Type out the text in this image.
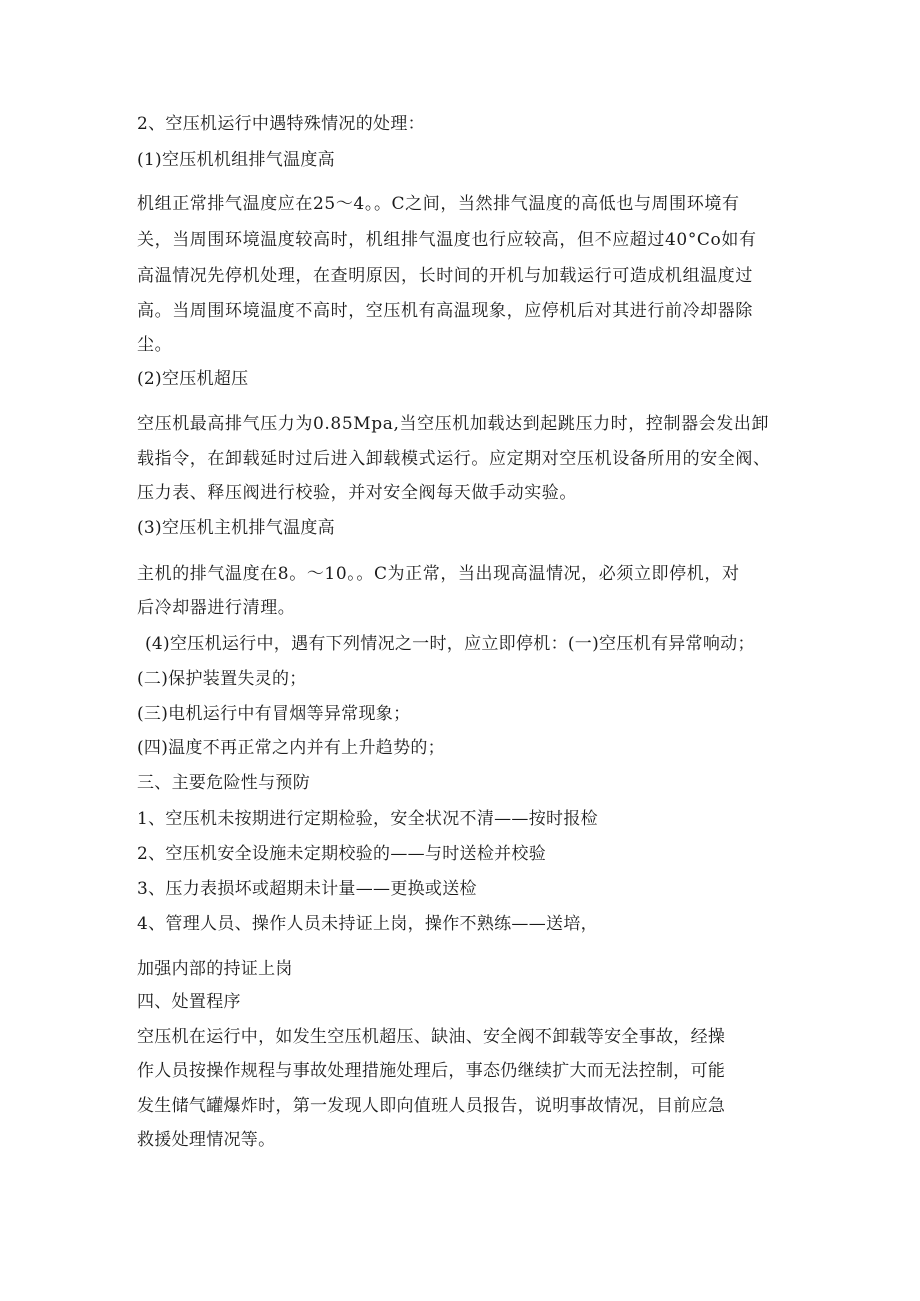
2、空压机运行中遇特殊情况的处理：

(1)空压机机组排气温度高

机组正常排气温度应在25～4。。C之间，当然排气温度的高低也与周围环境有

关，当周围环境温度较高时，机组排气温度也行应较高，但不应超过40°Co如有

高温情况先停机处理，在查明原因，长时间的开机与加载运行可造成机组温度过

高。当周围环境温度不高时，空压机有高温现象，应停机后对其进行前冷却器除

尘。

(2)空压机超压

空压机最高排气压力为0.85Mpa,当空压机加载达到起跳压力时，控制器会发出卸

载指令，在卸载延时过后进入卸载模式运行。应定期对空压机设备所用的安全阀、

压力表、释压阀进行校验，并对安全阀每天做手动实验。

(3)空压机主机排气温度高

主机的排气温度在8。～10。。C为正常，当出现高温情况，必须立即停机，对

后冷却器进行清理。

(4)空压机运行中，遇有下列情况之一时，应立即停机：(一)空压机有异常响动；

(二)保护装置失灵的；

(三)电机运行中有冒烟等异常现象；

(四)温度不再正常之内并有上升趋势的；

三、主要危险性与预防

1、空压机未按期进行定期检验，安全状况不清——按时报检

2、空压机安全设施未定期校验的——与时送检并校验

3、压力表损坏或超期未计量——更换或送检

4、管理人员、操作人员未持证上岗，操作不熟练——送培，

加强内部的持证上岗

四、处置程序

空压机在运行中，如发生空压机超压、缺油、安全阀不卸载等安全事故，经操

作人员按操作规程与事故处理措施处理后，事态仍继续扩大而无法控制，可能

发生储气罐爆炸时，第一发现人即向值班人员报告，说明事故情况，目前应急

救援处理情况等。
